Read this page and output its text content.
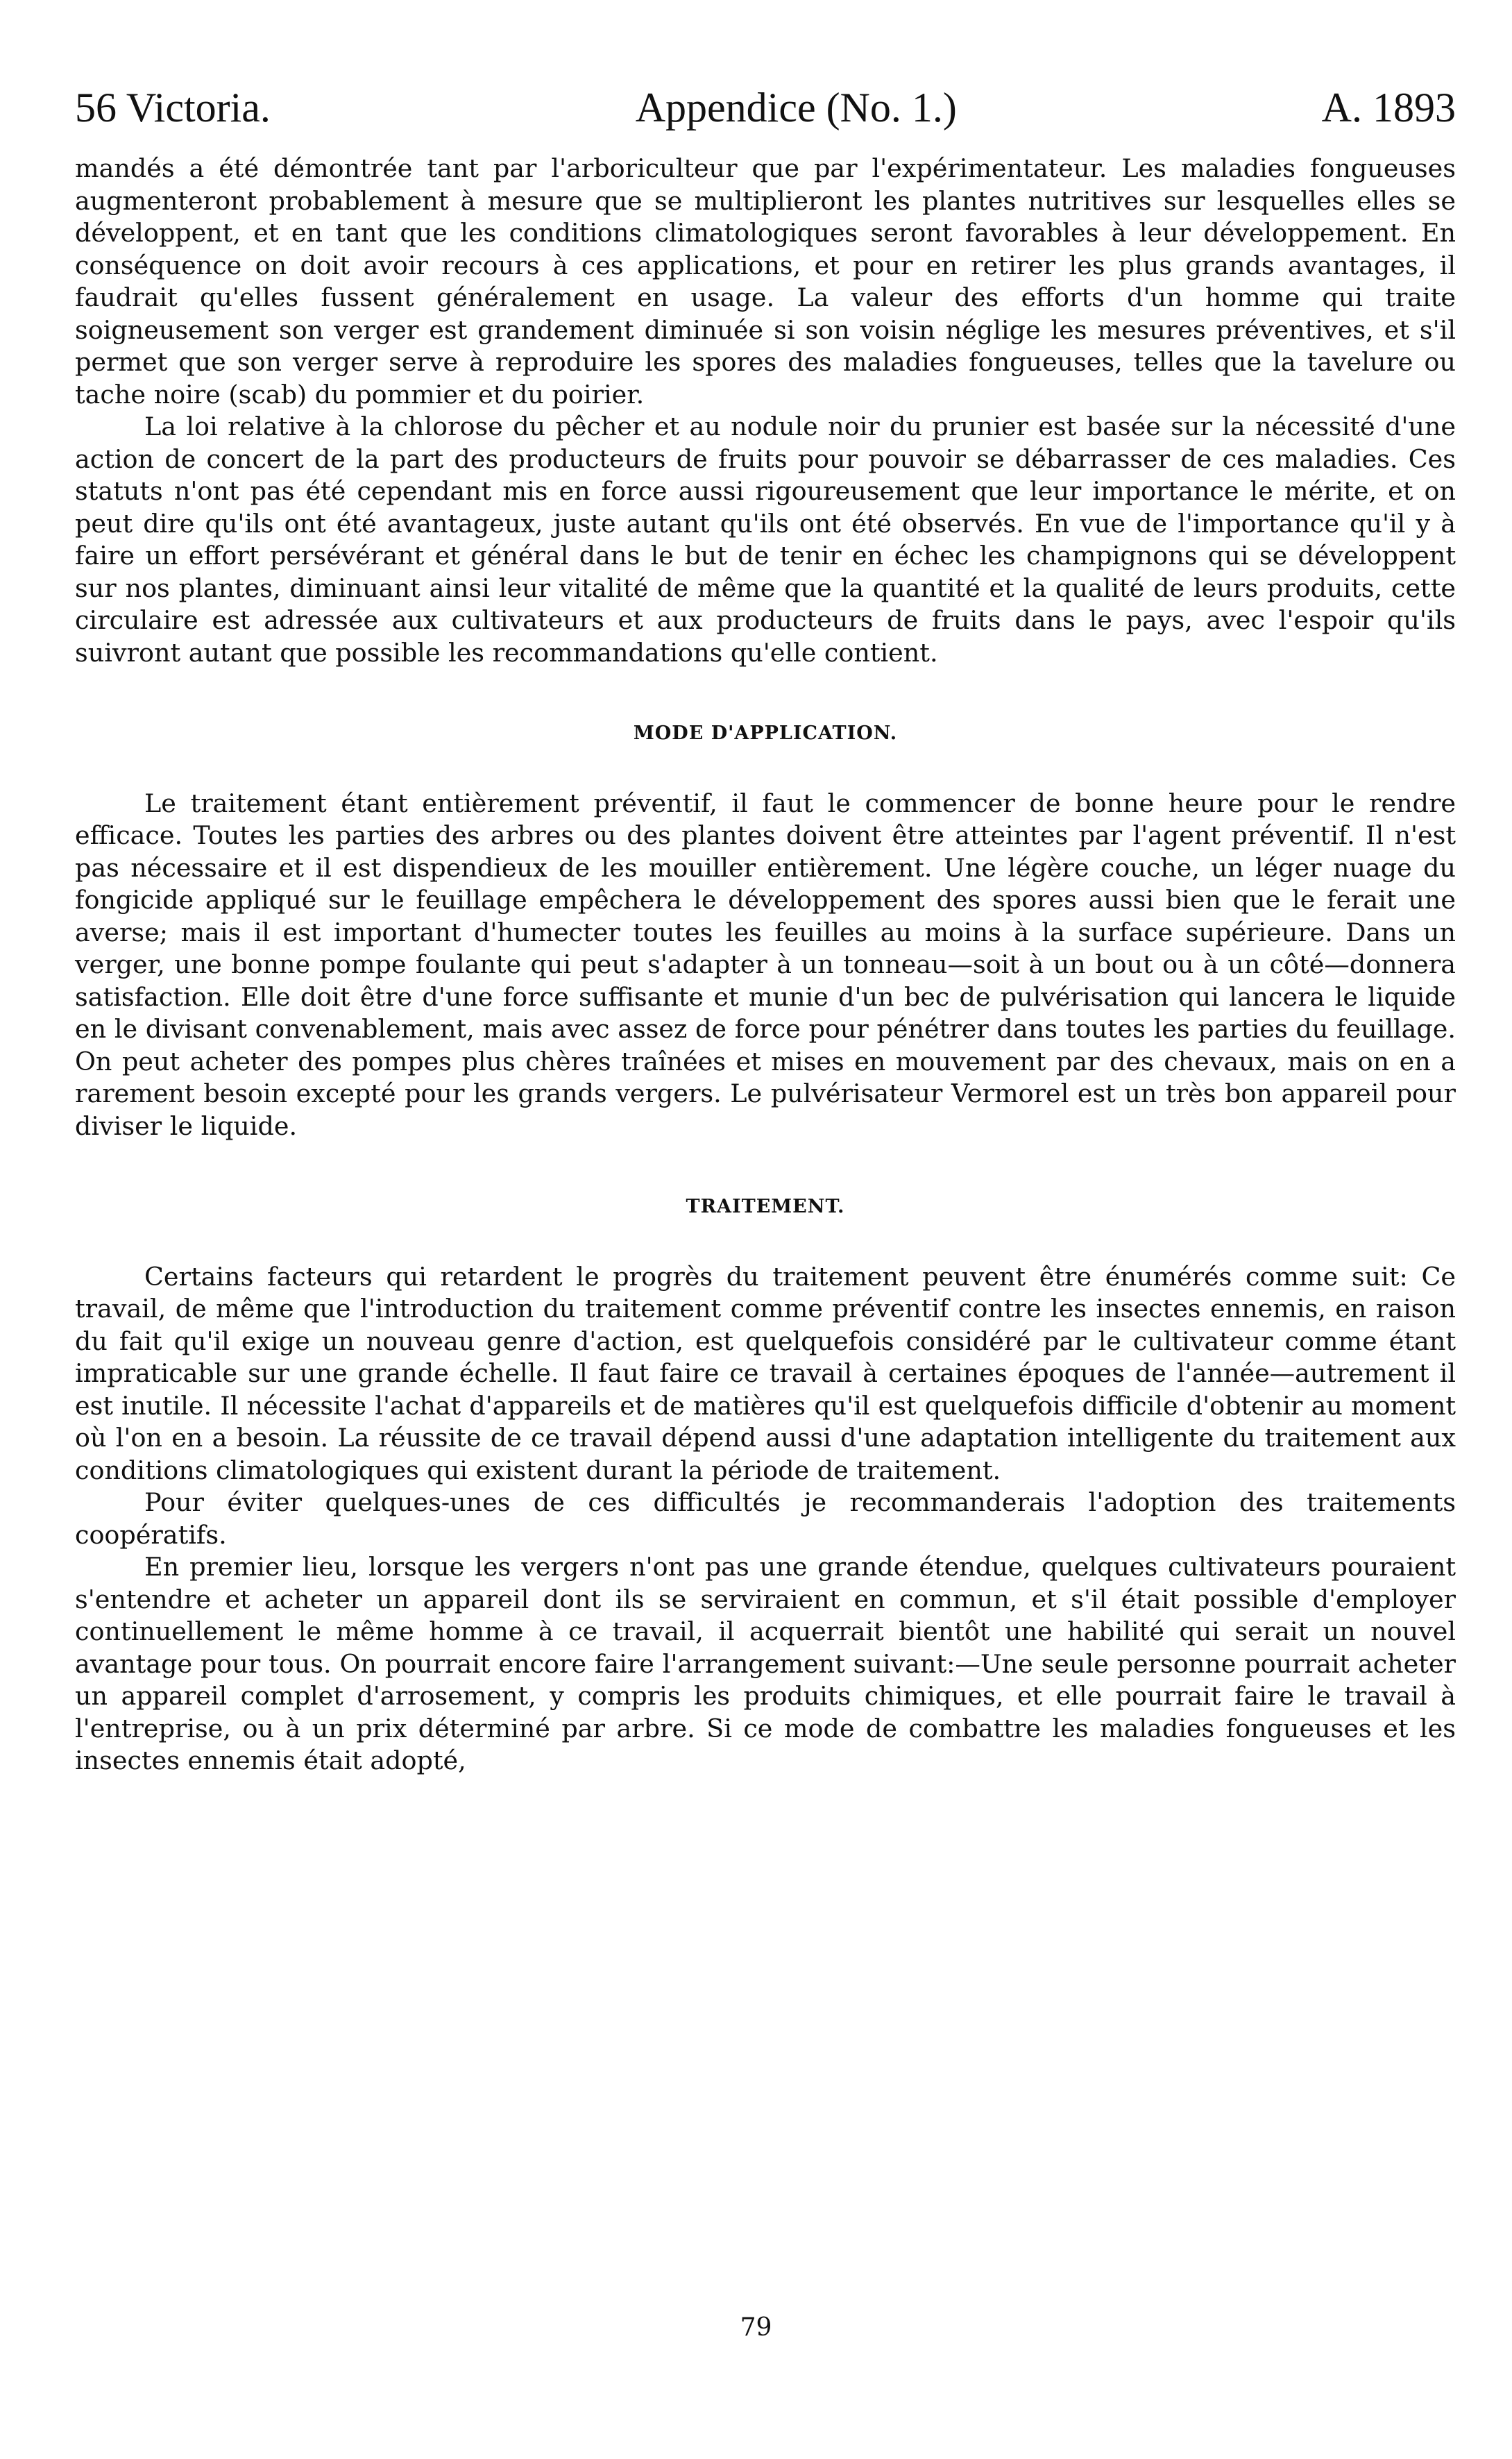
56 Victoria.	Appendice (No. 1.)	A. 1893

mandés a été démontrée tant par l'arboriculteur que par l'expérimentateur. Les maladies fongueuses augmenteront probablement à mesure que se multiplieront les plantes nutritives sur lesquelles elles se développent, et en tant que les conditions climatologiques seront favorables à leur développement. En conséquence on doit avoir recours à ces applications, et pour en retirer les plus grands avantages, il faudrait qu'elles fussent généralement en usage. La valeur des efforts d'un homme qui traite soigneusement son verger est grandement diminuée si son voisin néglige les mesures préventives, et s'il permet que son verger serve à reproduire les spores des maladies fongueuses, telles que la tavelure ou tache noire (scab) du pommier et du poirier.

La loi relative à la chlorose du pêcher et au nodule noir du prunier est basée sur la nécessité d'une action de concert de la part des producteurs de fruits pour pouvoir se débarrasser de ces maladies. Ces statuts n'ont pas été cependant mis en force aussi rigoureusement que leur importance le mérite, et on peut dire qu'ils ont été avantageux, juste autant qu'ils ont été observés. En vue de l'importance qu'il y à faire un effort persévérant et général dans le but de tenir en échec les champignons qui se développent sur nos plantes, diminuant ainsi leur vitalité de même que la quantité et la qualité de leurs produits, cette circulaire est adressée aux cultivateurs et aux producteurs de fruits dans le pays, avec l'espoir qu'ils suivront autant que possible les recommandations qu'elle contient.

MODE D'APPLICATION.

Le traitement étant entièrement préventif, il faut le commencer de bonne heure pour le rendre efficace. Toutes les parties des arbres ou des plantes doivent être atteintes par l'agent préventif. Il n'est pas nécessaire et il est dispendieux de les mouiller entièrement. Une légère couche, un léger nuage du fongicide appliqué sur le feuillage empêchera le développement des spores aussi bien que le ferait une averse; mais il est important d'humecter toutes les feuilles au moins à la surface supérieure. Dans un verger, une bonne pompe foulante qui peut s'adapter à un tonneau—soit à un bout ou à un côté—donnera satisfaction. Elle doit être d'une force suffisante et munie d'un bec de pulvérisation qui lancera le liquide en le divisant convenablement, mais avec assez de force pour pénétrer dans toutes les parties du feuillage. On peut acheter des pompes plus chères traînées et mises en mouvement par des chevaux, mais on en a rarement besoin excepté pour les grands vergers. Le pulvérisateur Vermorel est un très bon appareil pour diviser le liquide.

TRAITEMENT.

Certains facteurs qui retardent le progrès du traitement peuvent être énumérés comme suit: Ce travail, de même que l'introduction du traitement comme préventif contre les insectes ennemis, en raison du fait qu'il exige un nouveau genre d'action, est quelquefois considéré par le cultivateur comme étant impraticable sur une grande échelle. Il faut faire ce travail à certaines époques de l'année—autrement il est inutile. Il nécessite l'achat d'appareils et de matières qu'il est quelquefois difficile d'obtenir au moment où l'on en a besoin. La réussite de ce travail dépend aussi d'une adaptation intelligente du traitement aux conditions climatologiques qui existent durant la période de traitement.

Pour éviter quelques-unes de ces difficultés je recommanderais l'adoption des traitements coopératifs.

En premier lieu, lorsque les vergers n'ont pas une grande étendue, quelques cultivateurs pouraient s'entendre et acheter un appareil dont ils se serviraient en commun, et s'il était possible d'employer continuellement le même homme à ce travail, il acquerrait bientôt une habilité qui serait un nouvel avantage pour tous. On pourrait encore faire l'arrangement suivant:—Une seule personne pourrait acheter un appareil complet d'arrosement, y compris les produits chimiques, et elle pourrait faire le travail à l'entreprise, ou à un prix déterminé par arbre. Si ce mode de combattre les maladies fongueuses et les insectes ennemis était adopté,

79
